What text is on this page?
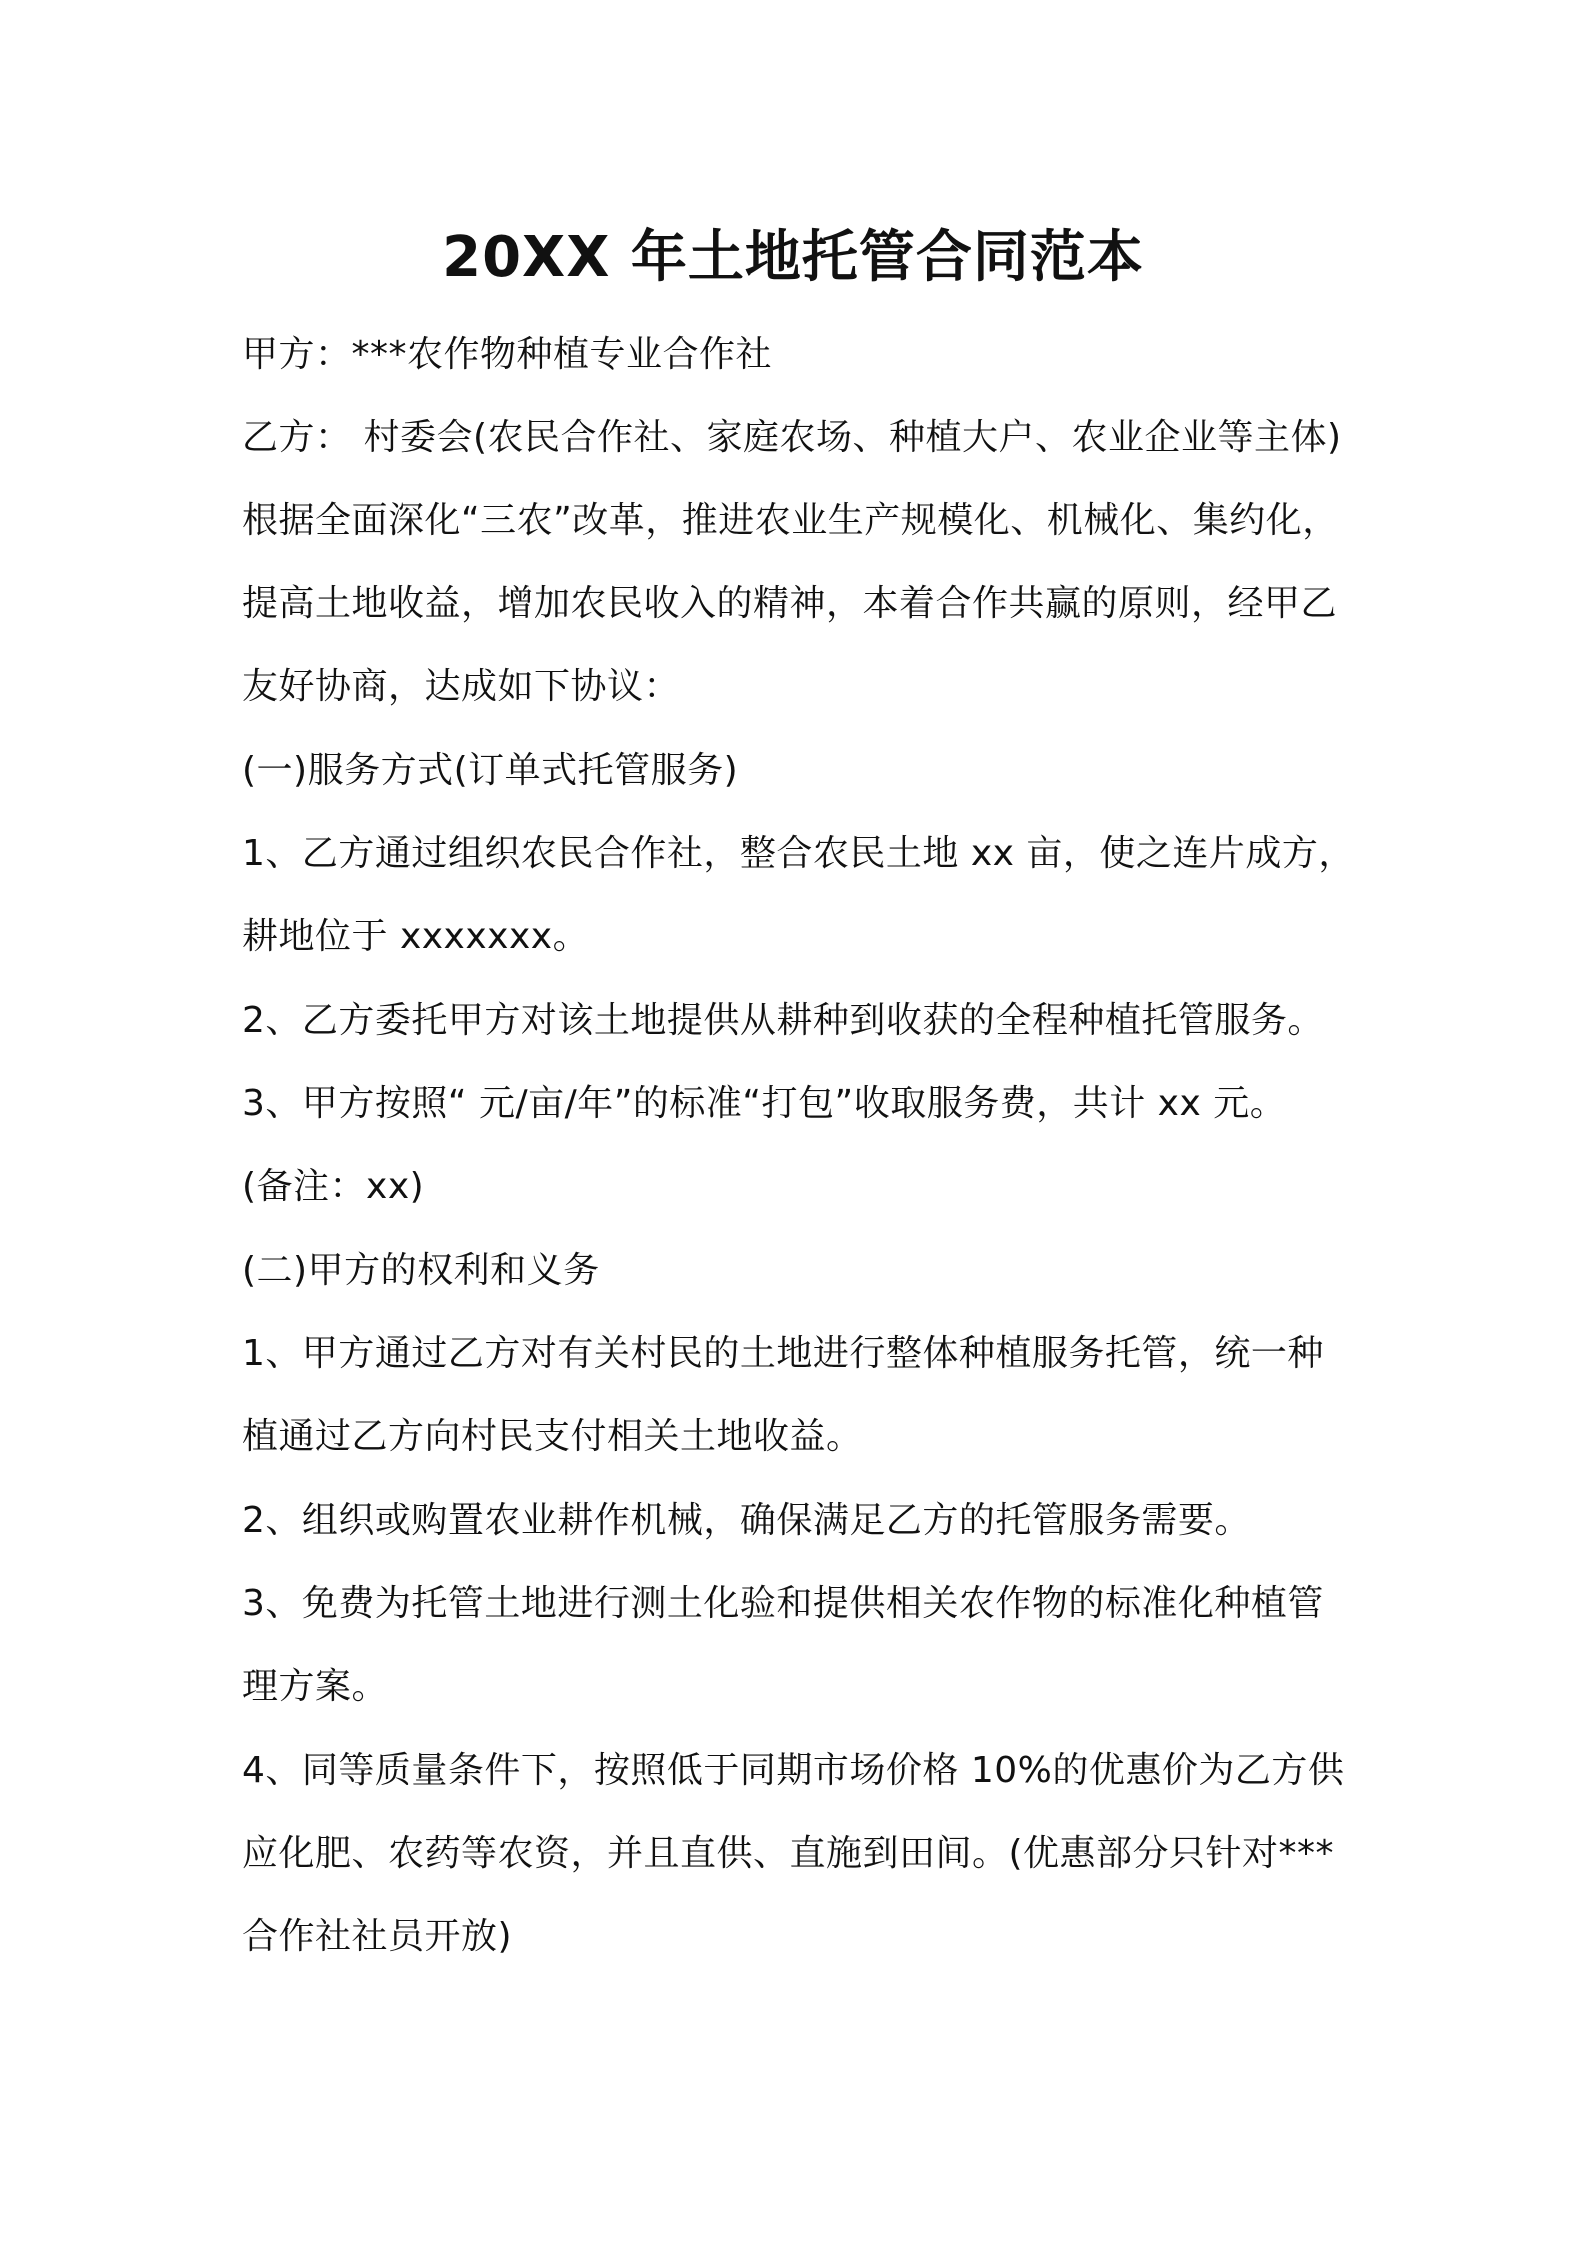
20XX 年土地托管合同范本
甲方：***农作物种植专业合作社
乙方： 村委会(农民合作社、家庭农场、种植大户、农业企业等主体)
根据全面深化“三农”改革，推进农业生产规模化、机械化、集约化，
提高土地收益，增加农民收入的精神，本着合作共赢的原则，经甲乙
友好协商，达成如下协议：
(一)服务方式(订单式托管服务)
1、乙方通过组织农民合作社，整合农民土地 xx 亩，使之连片成方，
耕地位于 xxxxxxx。
2、乙方委托甲方对该土地提供从耕种到收获的全程种植托管服务。
3、甲方按照“ 元/亩/年”的标准“打包”收取服务费，共计 xx 元。
(备注：xx)
(二)甲方的权利和义务
1、甲方通过乙方对有关村民的土地进行整体种植服务托管，统一种
植通过乙方向村民支付相关土地收益。
2、组织或购置农业耕作机械，确保满足乙方的托管服务需要。
3、免费为托管土地进行测土化验和提供相关农作物的标准化种植管
理方案。
4、同等质量条件下，按照低于同期市场价格 10%的优惠价为乙方供
应化肥、农药等农资，并且直供、直施到田间。(优惠部分只针对***
合作社社员开放)
